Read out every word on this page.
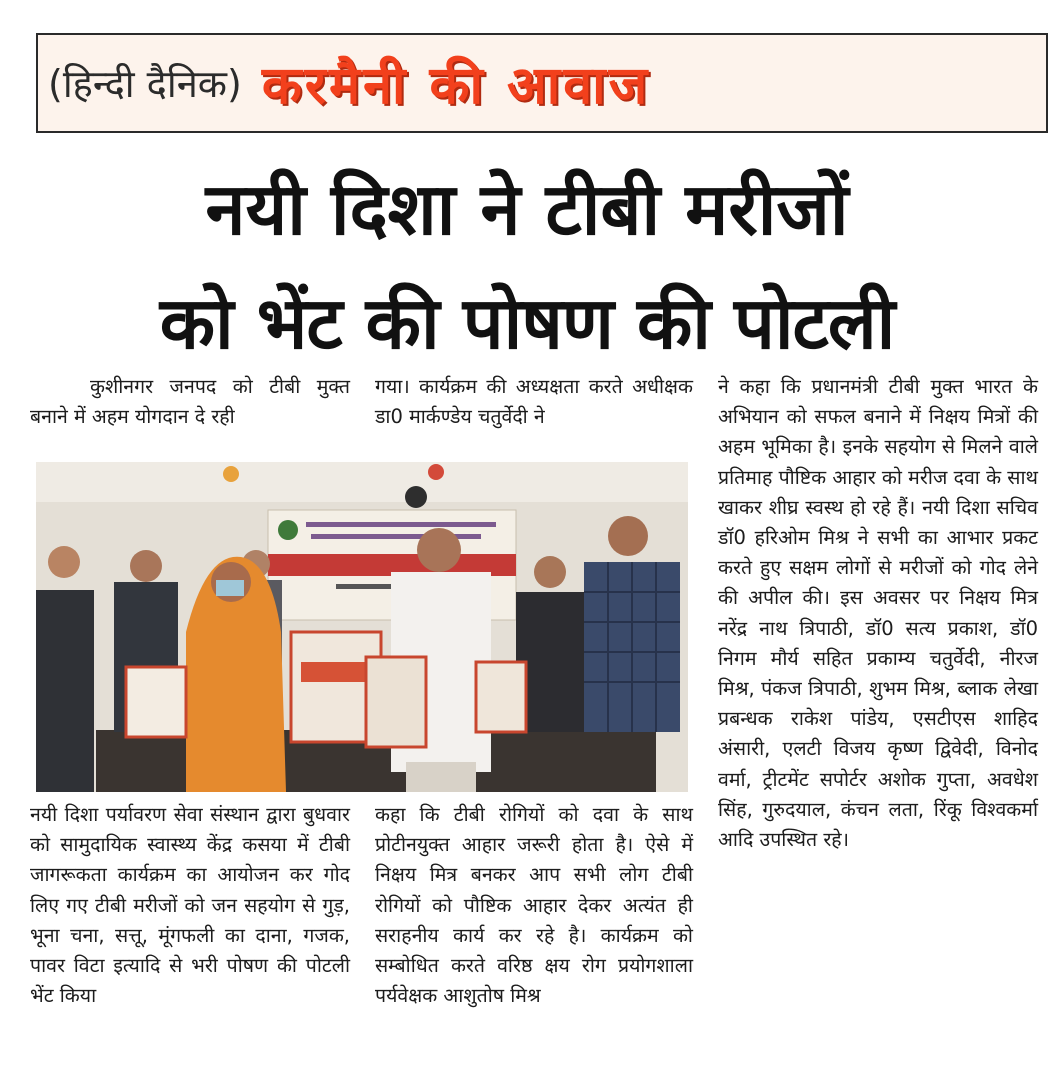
(हिन्दी दैनिक) करमैनी की आवाज
नयी दिशा ने टीबी मरीजों
को भेंट की पोषण की पोटली

कुशीनगर जनपद को टीबी मुक्त बनाने में अहम योगदान दे रही

गया। कार्यक्रम की अध्यक्षता करते अधीक्षक डा0 मार्कण्डेय चतुर्वेदी ने

नयी दिशा पर्यावरण सेवा संस्थान द्वारा बुधवार को सामुदायिक स्वास्थ्य केंद्र कसया में टीबी जागरूकता कार्यक्रम का आयोजन कर गोद लिए गए टीबी मरीजों को जन सहयोग से गुड़, भूना चना, सत्तू, मूंगफली का दाना, गजक, पावर विटा इत्यादि से भरी पोषण की पोटली भेंट किया

कहा कि टीबी रोगियों को दवा के साथ प्रोटीनयुक्त आहार जरूरी होता है। ऐसे में निक्षय मित्र बनकर आप सभी लोग टीबी रोगियों को पौष्टिक आहार देकर अत्यंत ही सराहनीय कार्य कर रहे है। कार्यक्रम को सम्बोधित करते वरिष्ठ क्षय रोग प्रयोगशाला पर्यवेक्षक आशुतोष मिश्र

ने कहा कि प्रधानमंत्री टीबी मुक्त भारत के अभियान को सफल बनाने में निक्षय मित्रों की अहम भूमिका है। इनके सहयोग से मिलने वाले प्रतिमाह पौष्टिक आहार को मरीज दवा के साथ खाकर शीघ्र स्वस्थ हो रहे हैं। नयी दिशा सचिव डॉ0 हरिओम मिश्र ने सभी का आभार प्रकट करते हुए सक्षम लोगों से मरीजों को गोद लेने की अपील की। इस अवसर पर निक्षय मित्र नरेंद्र नाथ त्रिपाठी, डॉ0 सत्य प्रकाश, डॉ0 निगम मौर्य सहित प्रकाम्य चतुर्वेदी, नीरज मिश्र, पंकज त्रिपाठी, शुभम मिश्र, ब्लाक लेखा प्रबन्धक राकेश पांडेय, एसटीएस शाहिद अंसारी, एलटी विजय कृष्ण द्विवेदी, विनोद वर्मा, ट्रीटमेंट सपोर्टर अशोक गुप्ता, अवधेश सिंह, गुरुदयाल, कंचन लता, रिंकू विश्वकर्मा आदि उपस्थित रहे।
